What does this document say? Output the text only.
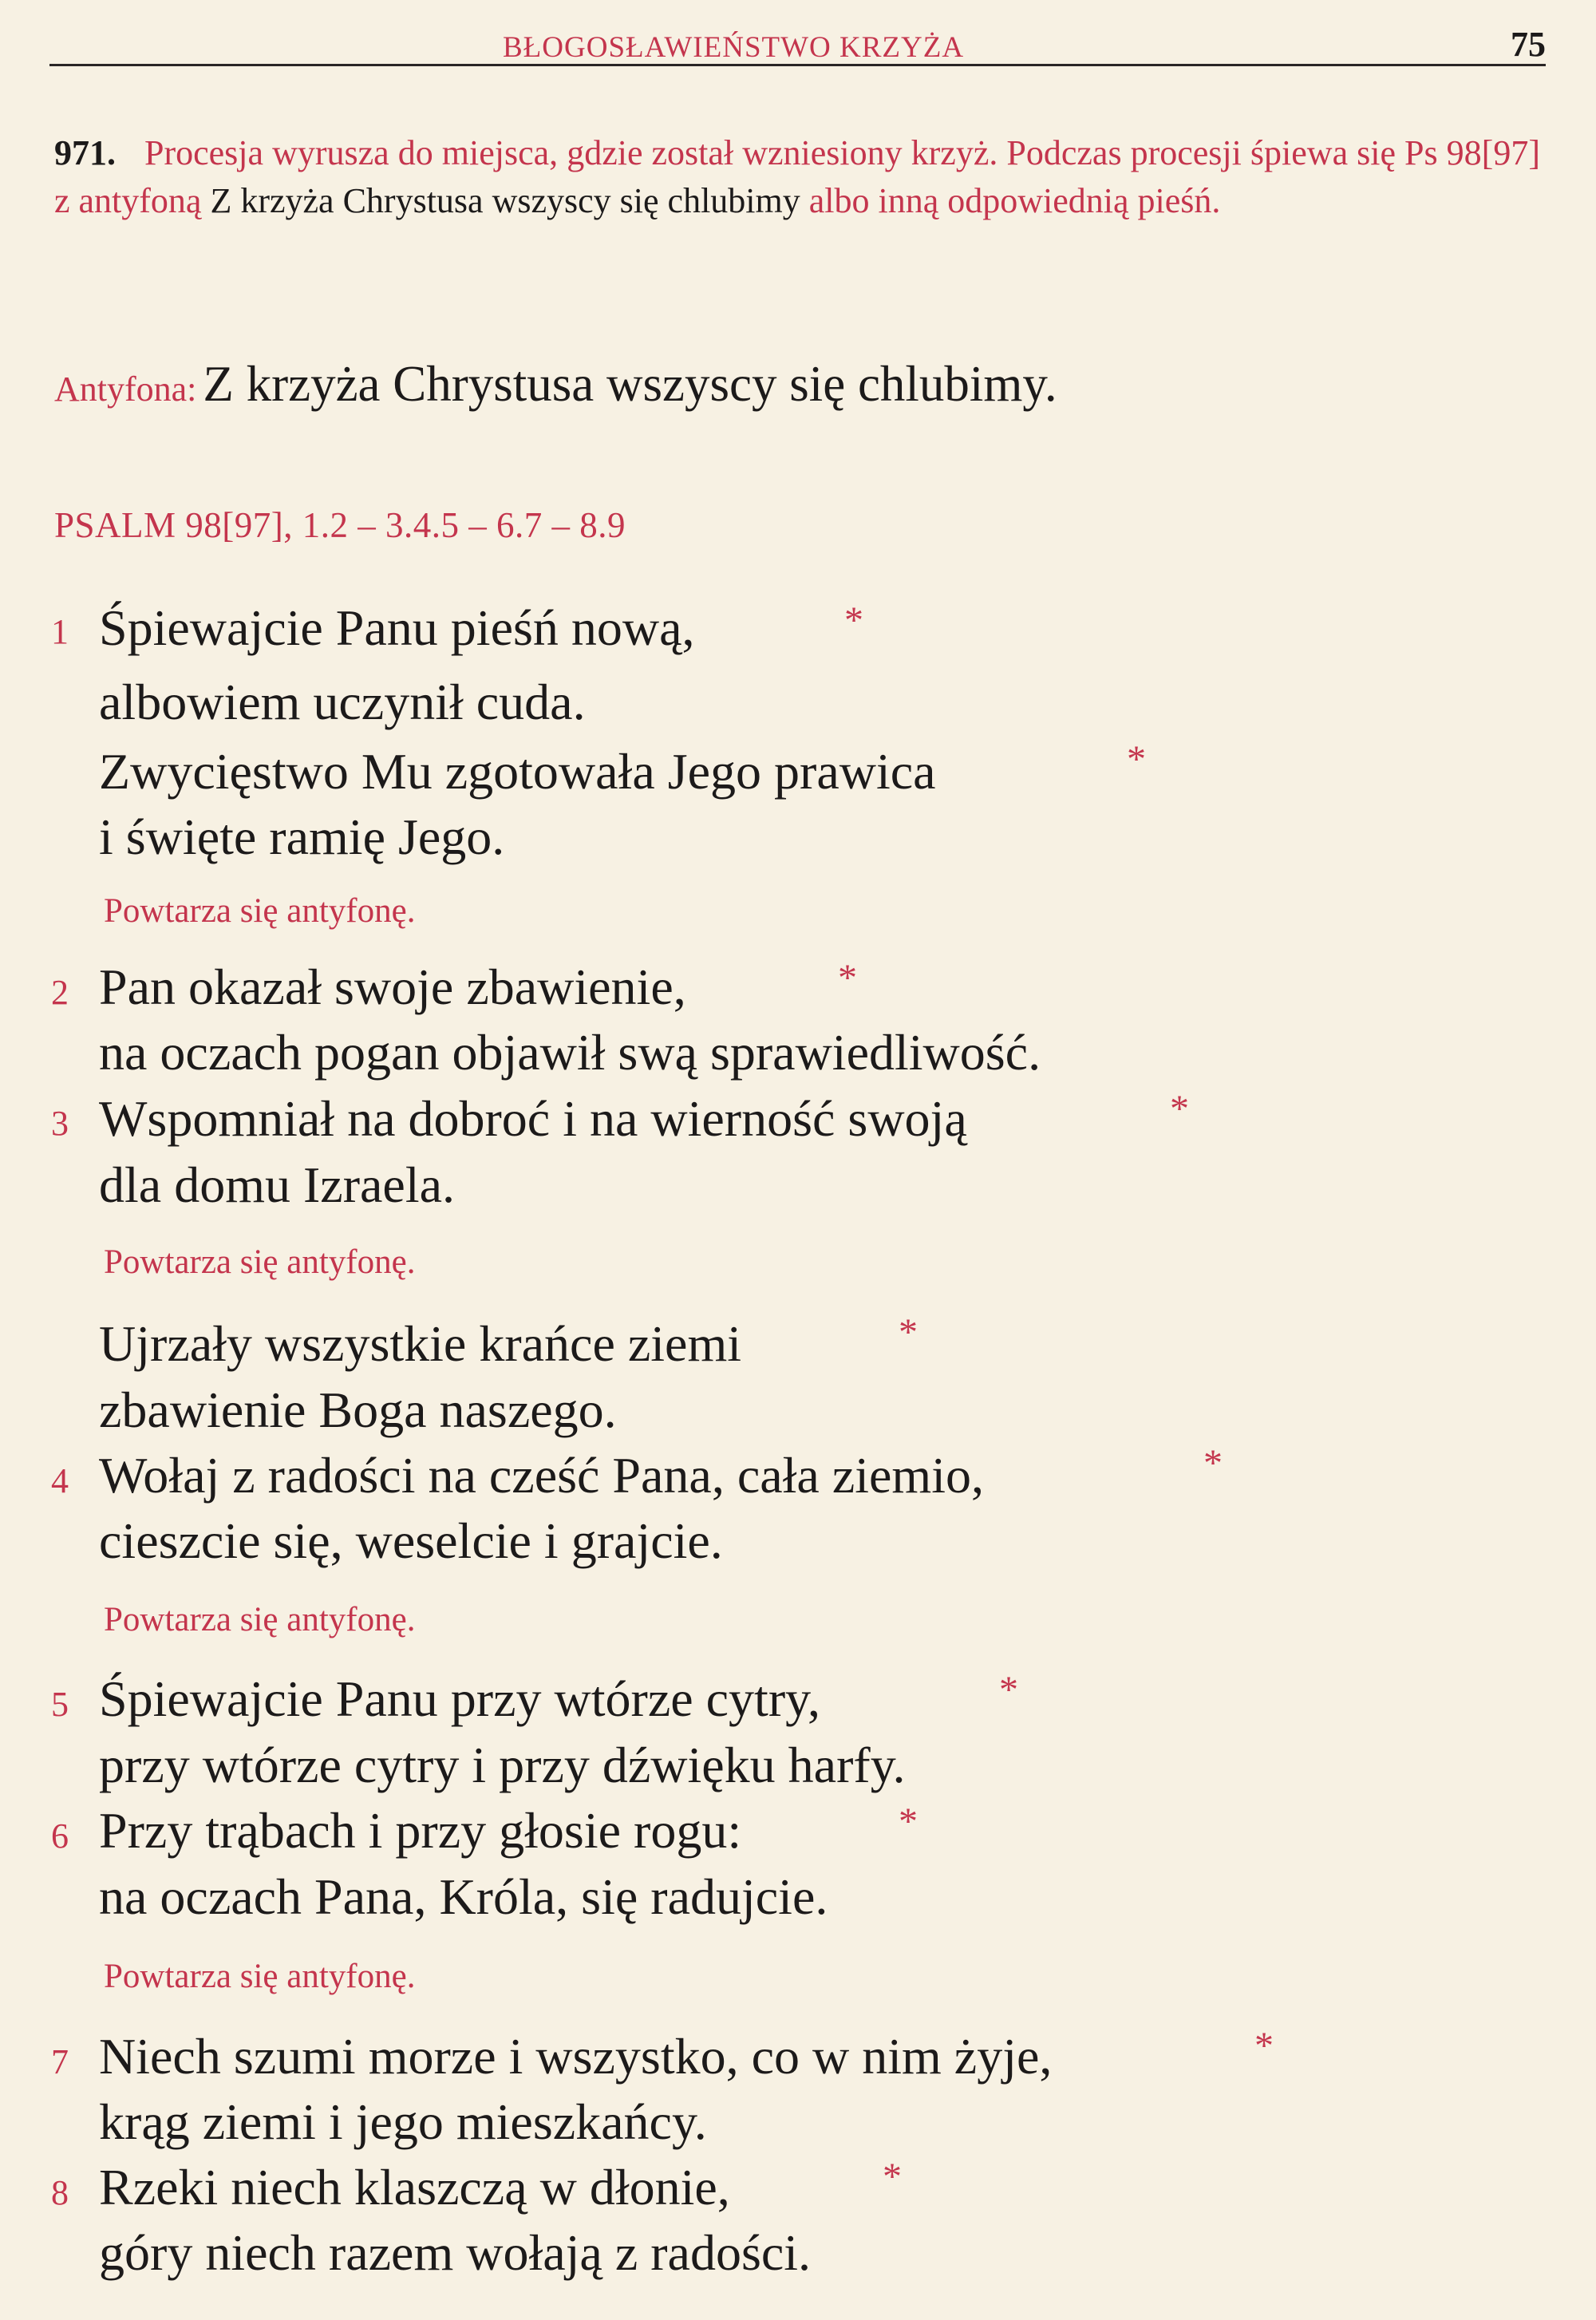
BŁOGOSŁAWIEŃSTWO KRZYŻA	75
971. Procesja wyrusza do miejsca, gdzie został wzniesiony krzyż. Podczas procesji śpiewa się Ps 98[97] z antyfoną Z krzyża Chrystusa wszyscy się chlubimy albo inną odpowiednią pieśń.
Antyfona: Z krzyża Chrystusa wszyscy się chlubimy.
PSALM 98[97], 1.2 – 3.4.5 – 6.7 – 8.9
1 Śpiewajcie Panu pieśń nową,	*
albowiem uczynił cuda.
Zwycięstwo Mu zgotowała Jego prawica	*
i święte ramię Jego.
Powtarza się antyfonę.
2 Pan okazał swoje zbawienie,	*
na oczach pogan objawił swą sprawiedliwość.
3 Wspomniał na dobroć i na wierność swoją	*
dla domu Izraela.
Powtarza się antyfonę.
Ujrzały wszystkie krańce ziemi	*
zbawienie Boga naszego.
4 Wołaj z radości na cześć Pana, cała ziemio,	*
cieszcie się, weselcie i grajcie.
Powtarza się antyfonę.
5 Śpiewajcie Panu przy wtórze cytry,	*
przy wtórze cytry i przy dźwięku harfy.
6 Przy trąbach i przy głosie rogu:	*
na oczach Pana, Króla, się radujcie.
Powtarza się antyfonę.
7 Niech szumi morze i wszystko, co w nim żyje,	*
krąg ziemi i jego mieszkańcy.
8 Rzeki niech klaszczą w dłonie,	*
góry niech razem wołają z radości.
